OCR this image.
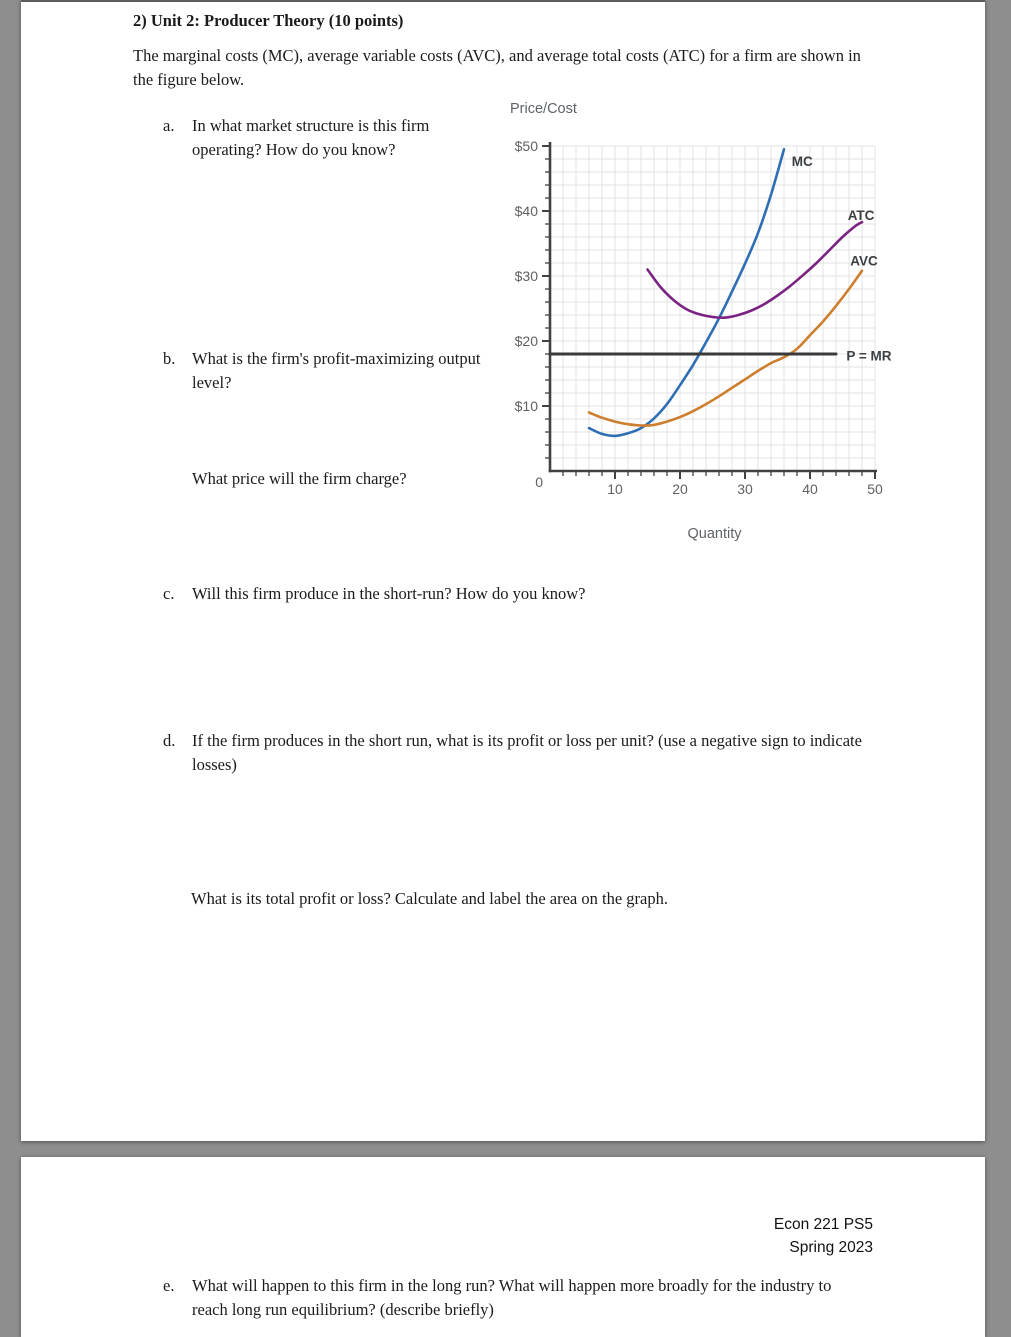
2) Unit 2: Producer Theory (10 points)
The marginal costs (MC), average variable costs (AVC), and average total costs (ATC) for a firm are shown in the figure below.
a.	In what market structure is this firm operating? How do you know?
Price/Cost
$10
$20
$30
$40
$50
10	20	30	40	50
0
Quantity
MC
ATC
AVC
P = MR
b.	What is the firm's profit-maximizing output level?
What price will the firm charge?
c.	Will this firm produce in the short-run? How do you know?
d.	If the firm produces in the short run, what is its profit or loss per unit? (use a negative sign to indicate losses)
What is its total profit or loss? Calculate and label the area on the graph.
Econ 221 PS5
Spring 2023
e.	What will happen to this firm in the long run? What will happen more broadly for the industry to reach long run equilibrium? (describe briefly)
